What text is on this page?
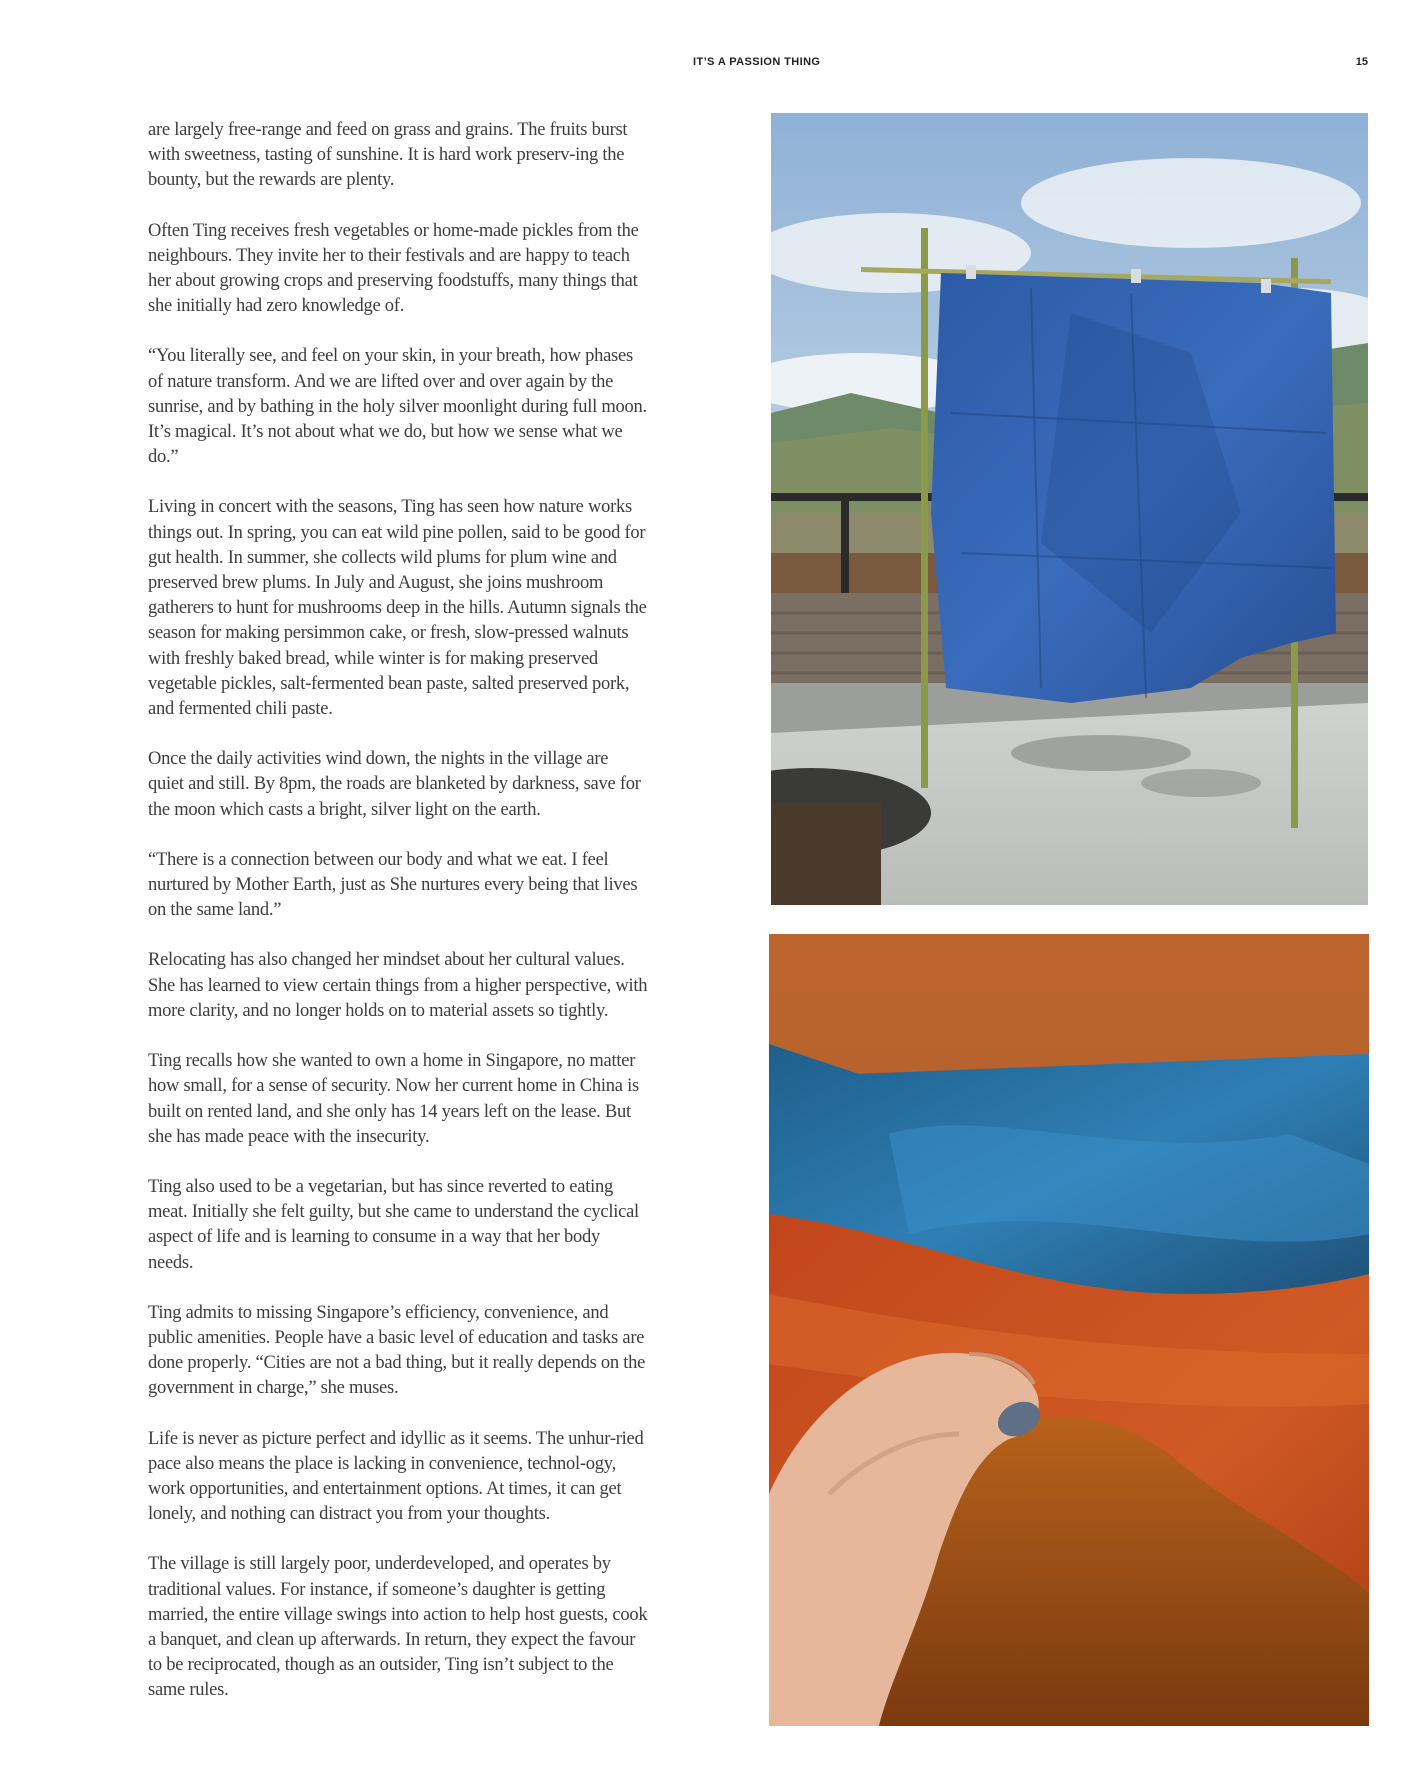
IT’S A PASSION THING	15

are largely free-range and feed on grass and grains. The fruits burst with sweetness, tasting of sunshine. It is hard work preserv-ing the bounty, but the rewards are plenty.

Often Ting receives fresh vegetables or home-made pickles from the neighbours. They invite her to their festivals and are happy to teach her about growing crops and preserving foodstuffs, many things that she initially had zero knowledge of.

“You literally see, and feel on your skin, in your breath, how phases of nature transform. And we are lifted over and over again by the sunrise, and by bathing in the holy silver moonlight during full moon. It’s magical. It’s not about what we do, but how we sense what we do.”

Living in concert with the seasons, Ting has seen how nature works things out. In spring, you can eat wild pine pollen, said to be good for gut health. In summer, she collects wild plums for plum wine and preserved brew plums. In July and August, she joins mushroom gatherers to hunt for mushrooms deep in the hills. Autumn signals the season for making persimmon cake, or fresh, slow-pressed walnuts with freshly baked bread, while winter is for making preserved vegetable pickles, salt-fermented bean paste, salted preserved pork, and fermented chili paste.

Once the daily activities wind down, the nights in the village are quiet and still. By 8pm, the roads are blanketed by darkness, save for the moon which casts a bright, silver light on the earth.

“There is a connection between our body and what we eat. I feel nurtured by Mother Earth, just as She nurtures every being that lives on the same land.”

Relocating has also changed her mindset about her cultural values. She has learned to view certain things from a higher perspective, with more clarity, and no longer holds on to material assets so tightly.

Ting recalls how she wanted to own a home in Singapore, no matter how small, for a sense of security. Now her current home in China is built on rented land, and she only has 14 years left on the lease. But she has made peace with the insecurity.

Ting also used to be a vegetarian, but has since reverted to eating meat. Initially she felt guilty, but she came to understand the cyclical aspect of life and is learning to consume in a way that her body needs.

Ting admits to missing Singapore’s efficiency, convenience, and public amenities. People have a basic level of education and tasks are done properly. “Cities are not a bad thing, but it really depends on the government in charge,” she muses.

Life is never as picture perfect and idyllic as it seems. The unhur-ried pace also means the place is lacking in convenience, technol-ogy, work opportunities, and entertainment options. At times, it can get lonely, and nothing can distract you from your thoughts.

The village is still largely poor, underdeveloped, and operates by traditional values. For instance, if someone’s daughter is getting married, the entire village swings into action to help host guests, cook a banquet, and clean up afterwards. In return, they expect the favour to be reciprocated, though as an outsider, Ting isn’t subject to the same rules.
